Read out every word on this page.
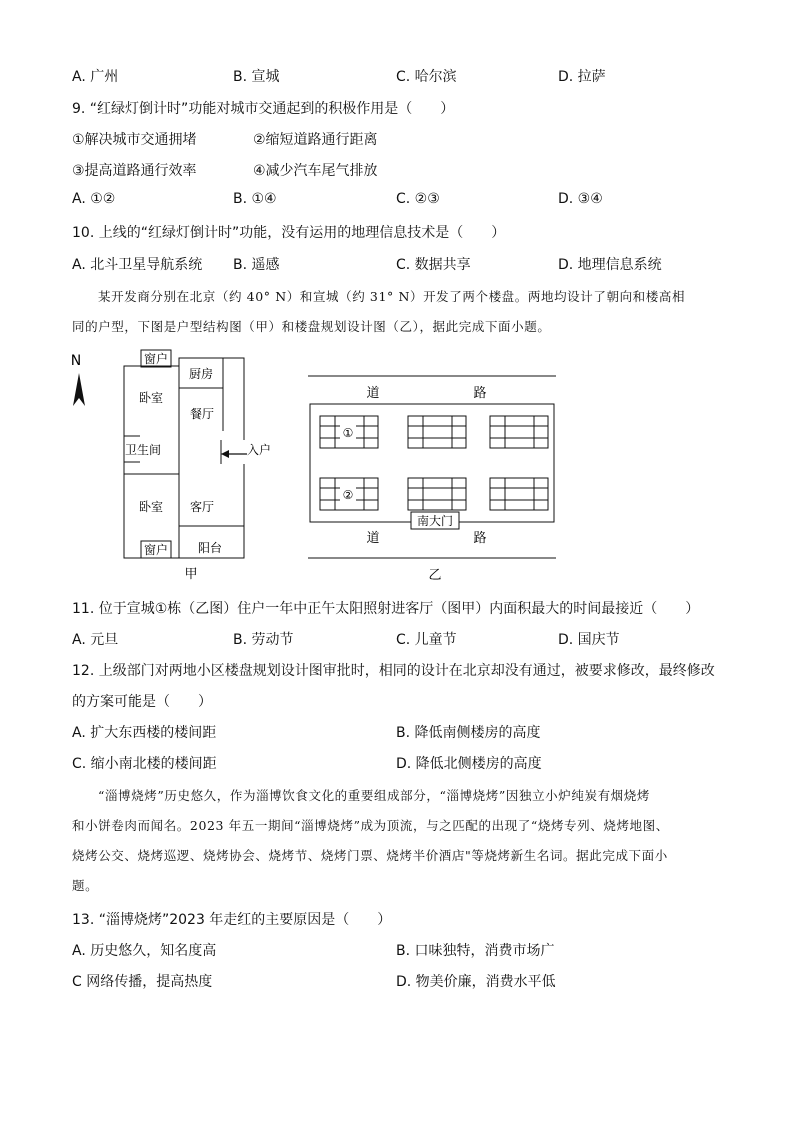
A. 广州	B. 宣城	C. 哈尔滨	D. 拉萨
9. “红绿灯倒计时”功能对城市交通起到的积极作用是（　　）
①解决城市交通拥堵	②缩短道路通行距离
③提高道路通行效率	④减少汽车尾气排放
A. ①②	B. ①④	C. ②③	D. ③④
10. 上线的“红绿灯倒计时”功能，没有运用的地理信息技术是（　　）
A. 北斗卫星导航系统 B. 遥感	C. 数据共享	D. 地理信息系统
某开发商分别在北京（约 40° N）和宣城（约 31° N）开发了两个楼盘。两地均设计了朝向和楼高相
同的户型，下图是户型结构图（甲）和楼盘规划设计图（乙），据此完成下面小题。
N	窗户
厨房
卧室
餐厅
卫生间	入户
卧室 客厅
窗户 阳台
甲
道	路
道	路
①
②
南大门
乙
11. 位于宣城①栋（乙图）住户一年中正午太阳照射进客厅（图甲）内面积最大的时间最接近（　　）
A. 元旦	B. 劳动节	C. 儿童节	D. 国庆节
12. 上级部门对两地小区楼盘规划设计图审批时，相同的设计在北京却没有通过，被要求修改，最终修改
的方案可能是（　　）
A. 扩大东西楼的楼间距	B. 降低南侧楼房的高度
C. 缩小南北楼的楼间距	D. 降低北侧楼房的高度
“淄博烧烤”历史悠久，作为淄博饮食文化的重要组成部分，“淄博烧烤”因独立小炉纯炭有烟烧烤
和小饼卷肉而闻名。2023 年五一期间“淄博烧烤”成为顶流，与之匹配的出现了“烧烤专列、烧烤地图、
烧烤公交、烧烤巡逻、烧烤协会、烧烤节、烧烤门票、烧烤半价酒店"等烧烤新生名词。据此完成下面小
题。
13. “淄博烧烤”2023 年走红的主要原因是（　　）
A. 历史悠久，知名度高	B. 口味独特，消费市场广
C 网络传播，提高热度	D. 物美价廉，消费水平低
